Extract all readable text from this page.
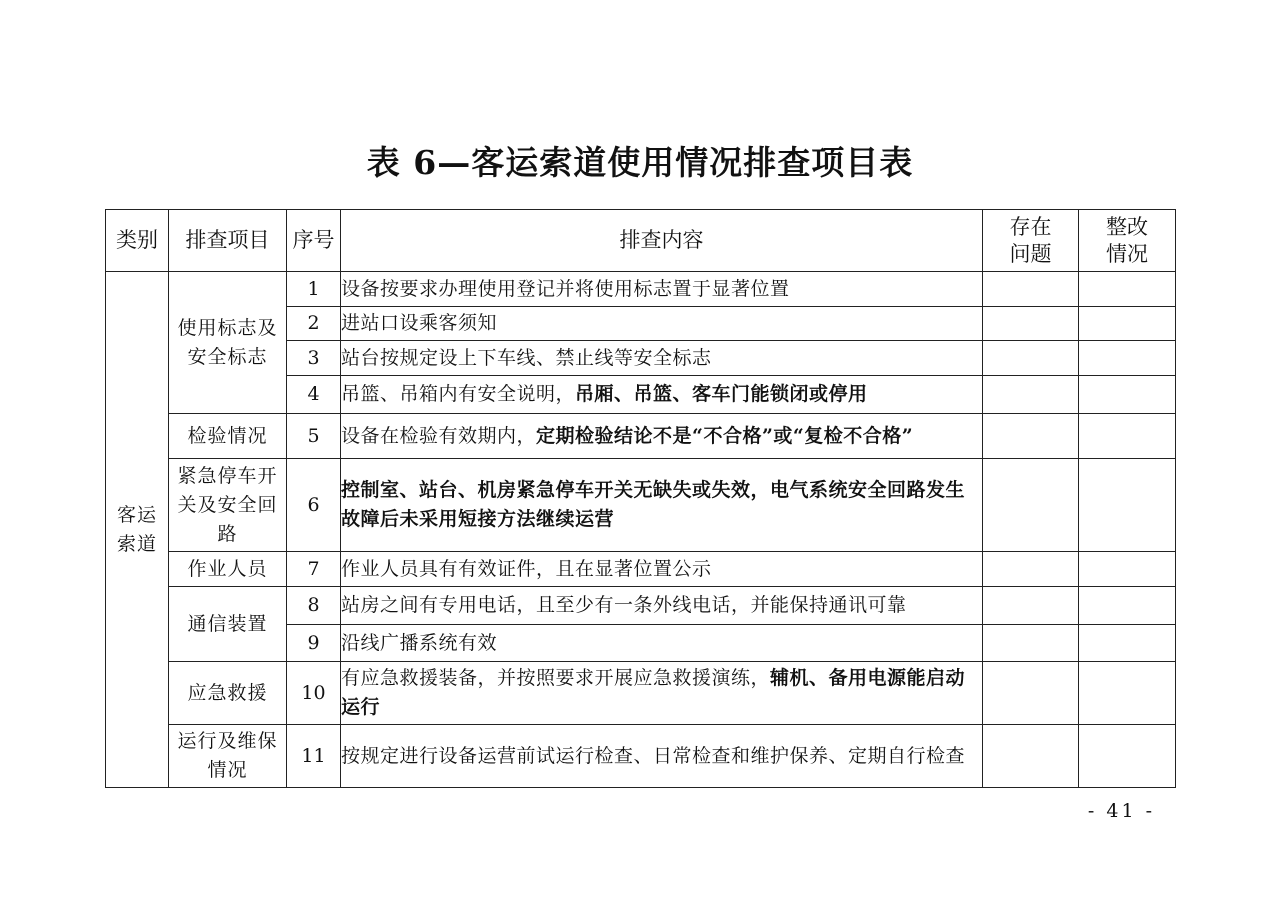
表 6—客运索道使用情况排查项目表
类别	排查项目	序号	排查内容	存在问题	整改情况
客运索道	使用标志及安全标志	1	设备按要求办理使用登记并将使用标志置于显著位置		
		2	进站口设乘客须知		
		3	站台按规定设上下车线、禁止线等安全标志		
		4	吊篮、吊箱内有安全说明，吊厢、吊篮、客车门能锁闭或停用		
	检验情况	5	设备在检验有效期内，定期检验结论不是“不合格”或“复检不合格”		
	紧急停车开关及安全回路	6	控制室、站台、机房紧急停车开关无缺失或失效，电气系统安全回路发生故障后未采用短接方法继续运营		
	作业人员	7	作业人员具有有效证件，且在显著位置公示		
	通信装置	8	站房之间有专用电话，且至少有一条外线电话，并能保持通讯可靠		
		9	沿线广播系统有效		
	应急救援	10	有应急救援装备，并按照要求开展应急救援演练，辅机、备用电源能启动运行		
	运行及维保情况	11	按规定进行设备运营前试运行检查、日常检查和维护保养、定期自行检查		
- 41 -
